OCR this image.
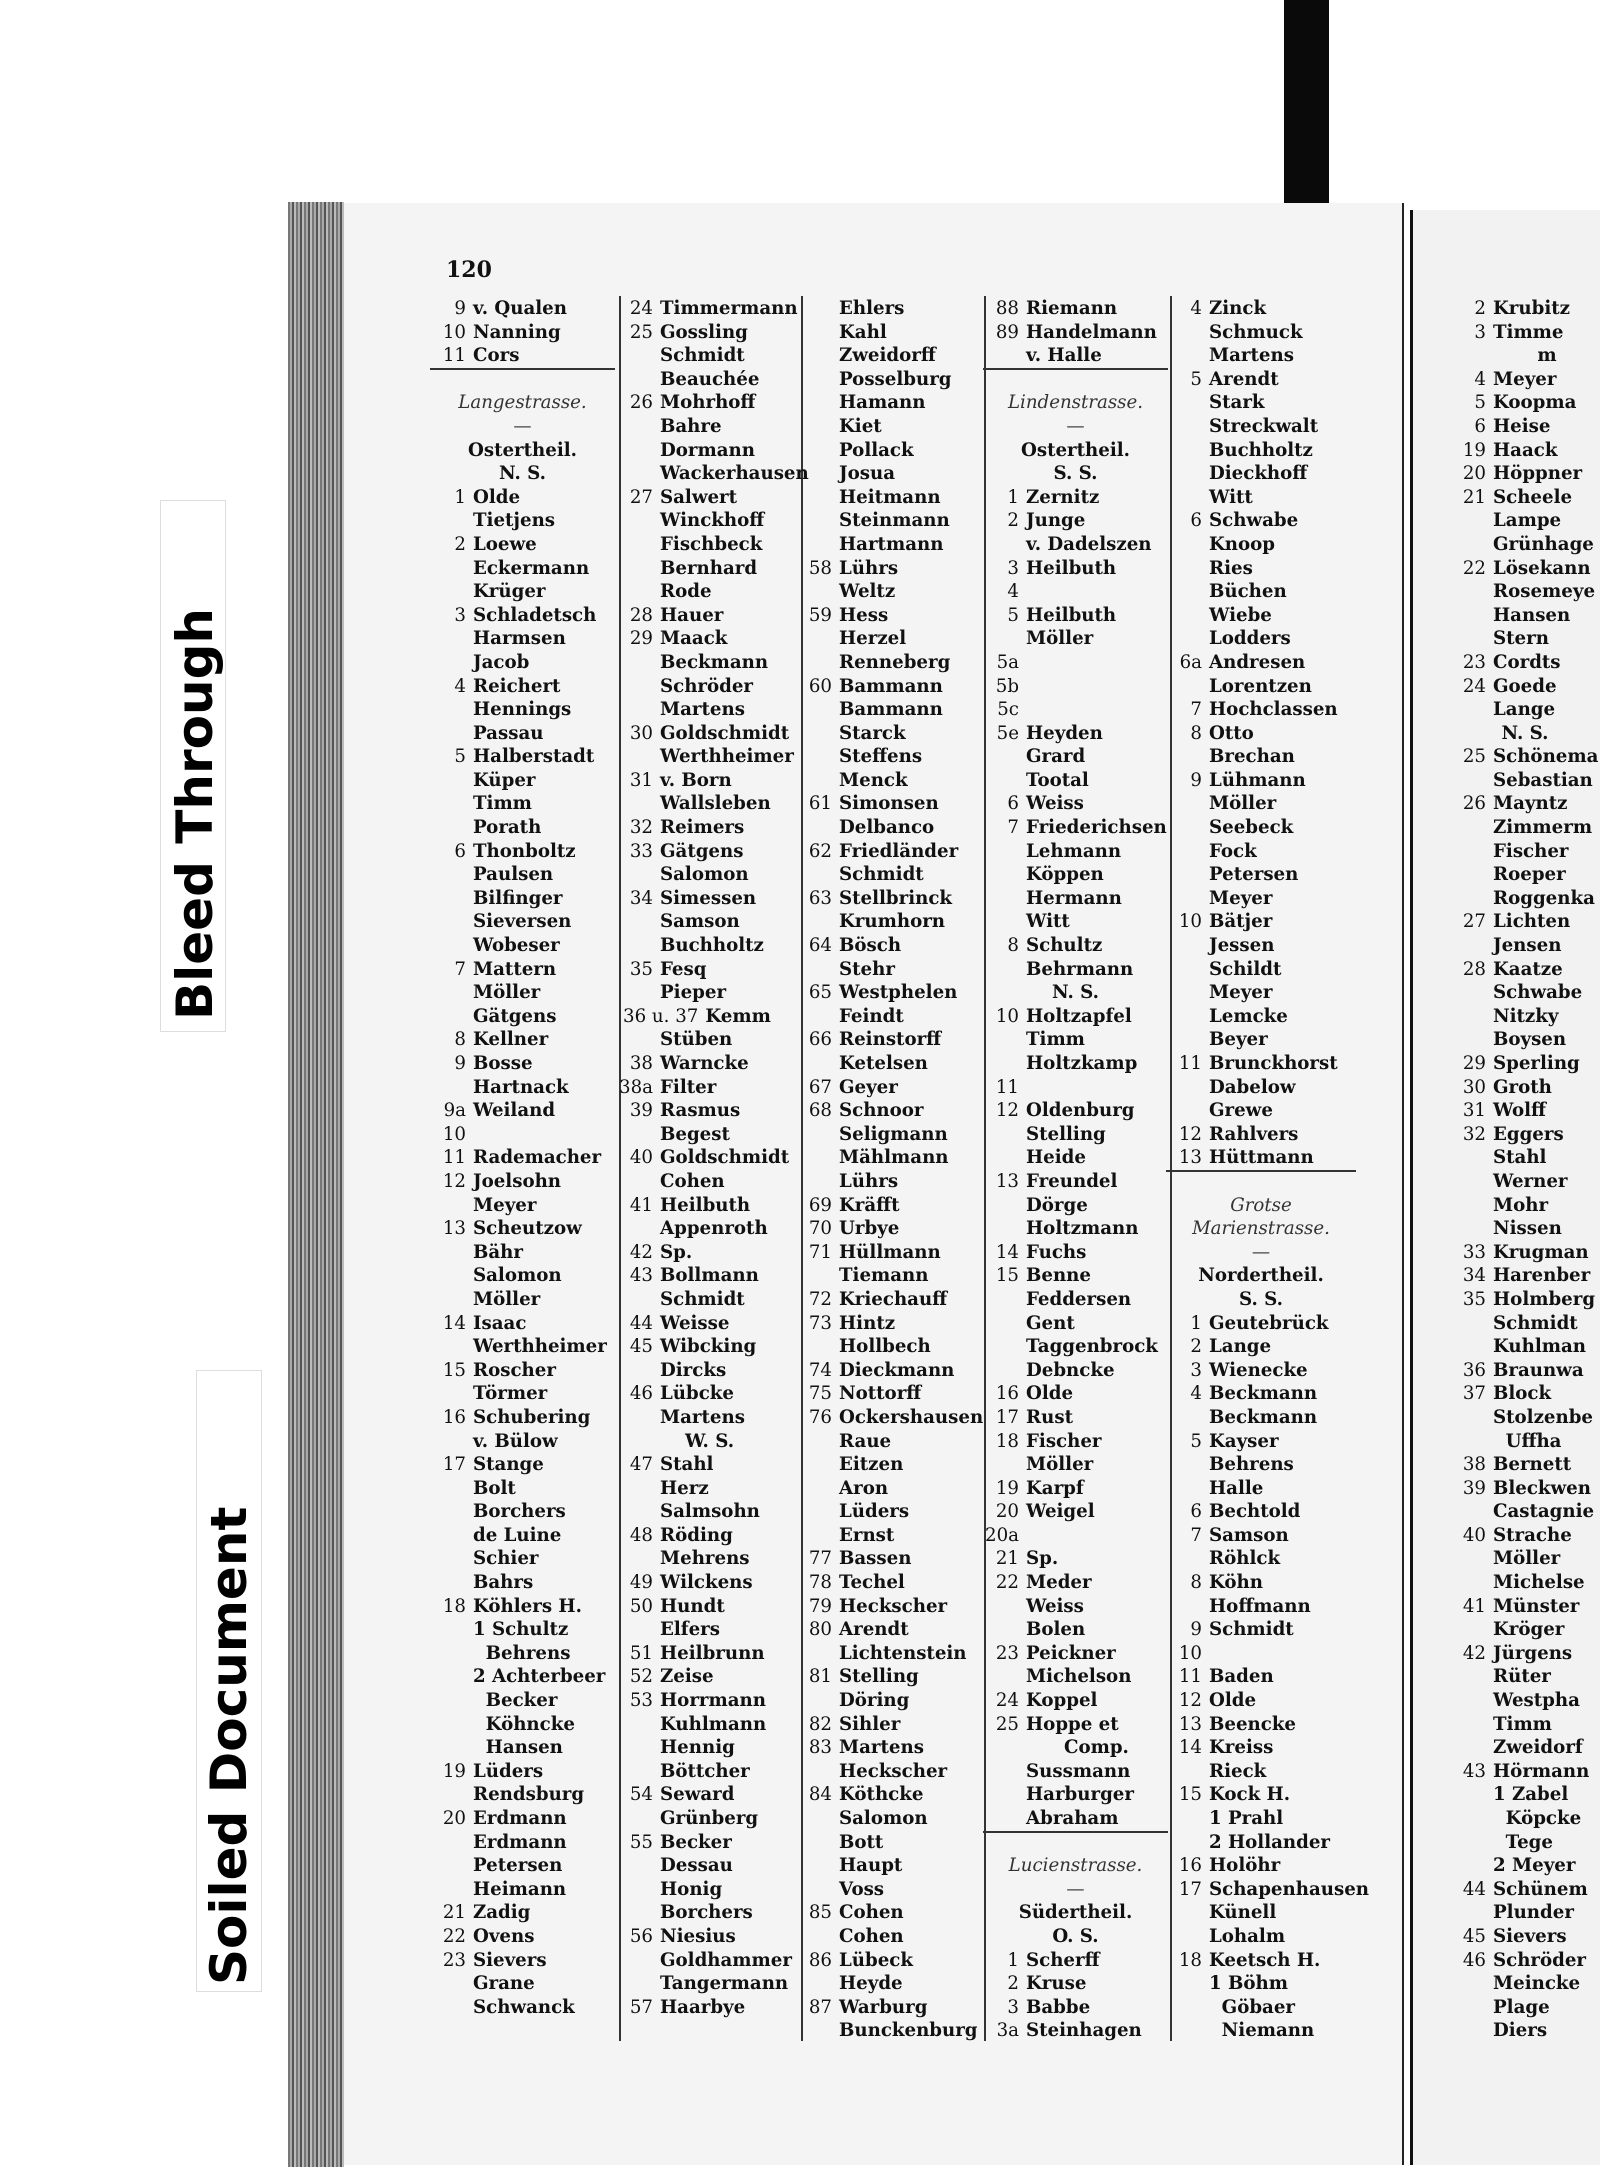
Bleed Through
Soiled Document
120
9 v. Qualen
10 Nanning
11 Cors
Langestrasse.
—
Ostertheil.
N. S.
1 Olde
Tietjens
2 Loewe
Eckermann
Krüger
3 Schladetsch
Harmsen
Jacob
4 Reichert
Hennings
Passau
5 Halberstadt
Küper
Timm
Porath
6 Thonboltz
Paulsen
Bilfinger
Sieversen
Wobeser
7 Mattern
Möller
Gätgens
8 Kellner
9 Bosse
Hartnack
9a Weiland
10
11 Rademacher
12 Joelsohn
Meyer
13 Scheutzow
Bähr
Salomon
Möller
14 Isaac
Werthheimer
15 Roscher
Törmer
16 Schubering
v. Bülow
17 Stange
Bolt
Borchers
de Luine
Schier
Bahrs
18 Köhlers H.
1 Schultz
Behrens
2 Achterbeer
Becker
Köhncke
Hansen
19 Lüders
Rendsburg
20 Erdmann
Erdmann
Petersen
Heimann
21 Zadig
22 Ovens
23 Sievers
Grane
Schwanck
24 Timmermann
25 Gossling
Schmidt
Beauchée
26 Mohrhoff
Bahre
Dormann
Wackerhausen
27 Salwert
Winckhoff
Fischbeck
Bernhard
Rode
28 Hauer
29 Maack
Beckmann
Schröder
Martens
30 Goldschmidt
Werthheimer
31 v. Born
Wallsleben
32 Reimers
33 Gätgens
Salomon
34 Simessen
Samson
Buchholtz
35 Fesq
Pieper
36 u. 37 Kemm
Stüben
38 Warncke
38a Filter
39 Rasmus
Begest
40 Goldschmidt
Cohen
41 Heilbuth
Appenroth
42 Sp.
43 Bollmann
Schmidt
44 Weisse
45 Wibcking
Dircks
46 Lübcke
Martens
W. S.
47 Stahl
Herz
Salmsohn
48 Röding
Mehrens
49 Wilckens
50 Hundt
Elfers
51 Heilbrunn
52 Zeise
53 Horrmann
Kuhlmann
Hennig
Böttcher
54 Seward
Grünberg
55 Becker
Dessau
Honig
Borchers
56 Niesius
Goldhammer
Tangermann
57 Haarbye
Ehlers
Kahl
Zweidorff
Posselburg
Hamann
Kiet
Pollack
Josua
Heitmann
Steinmann
Hartmann
58 Lührs
Weltz
59 Hess
Herzel
Renneberg
60 Bammann
Bammann
Starck
Steffens
Menck
61 Simonsen
Delbanco
62 Friedländer
Schmidt
63 Stellbrinck
Krumhorn
64 Bösch
Stehr
65 Westphelen
Feindt
66 Reinstorff
Ketelsen
67 Geyer
68 Schnoor
Seligmann
Mählmann
Lührs
69 Kräfft
70 Urbye
71 Hüllmann
Tiemann
72 Kriechauff
73 Hintz
Hollbech
74 Dieckmann
75 Nottorff
76 Ockershausen
Raue
Eitzen
Aron
Lüders
Ernst
77 Bassen
78 Techel
79 Heckscher
80 Arendt
Lichtenstein
81 Stelling
Döring
82 Sihler
83 Martens
Heckscher
84 Köthcke
Salomon
Bott
Haupt
Voss
85 Cohen
Cohen
86 Lübeck
Heyde
87 Warburg
Bunckenburg
88 Riemann
89 Handelmann
v. Halle
Lindenstrasse.
—
Ostertheil.
S. S.
1 Zernitz
2 Junge
v. Dadelszen
3 Heilbuth
4
5 Heilbuth
Möller
5a
5b
5c
5e Heyden
Grard
Tootal
6 Weiss
7 Friederichsen
Lehmann
Köppen
Hermann
Witt
8 Schultz
Behrmann
N. S.
10 Holtzapfel
Timm
Holtzkamp
11
12 Oldenburg
Stelling
Heide
13 Freundel
Dörge
Holtzmann
14 Fuchs
15 Benne
Feddersen
Gent
Taggenbrock
Debncke
16 Olde
17 Rust
18 Fischer
Möller
19 Karpf
20 Weigel
20a
21 Sp.
22 Meder
Weiss
Bolen
23 Peickner
Michelson
24 Koppel
25 Hoppe et
Comp.
Sussmann
Harburger
Abraham
Lucienstrasse.
—
Südertheil.
O. S.
1 Scherff
2 Kruse
3 Babbe
3a Steinhagen
4 Zinck
Schmuck
Martens
5 Arendt
Stark
Streckwalt
Buchholtz
Dieckhoff
Witt
6 Schwabe
Knoop
Ries
Büchen
Wiebe
Lodders
6a Andresen
Lorentzen
7 Hochclassen
8 Otto
Brechan
9 Lühmann
Möller
Seebeck
Fock
Petersen
Meyer
10 Bätjer
Jessen
Schildt
Meyer
Lemcke
Beyer
11 Brunckhorst
Dabelow
Grewe
12 Rahlvers
13 Hüttmann
Grotse
Marienstrasse.
—
Nordertheil.
S. S.
1 Geutebrück
2 Lange
3 Wienecke
4 Beckmann
Beckmann
5 Kayser
Behrens
Halle
6 Bechtold
7 Samson
Röhlck
8 Köhn
Hoffmann
9 Schmidt
10
11 Baden
12 Olde
13 Beencke
14 Kreiss
Rieck
15 Kock H.
1 Prahl
2 Hollander
16 Holöhr
17 Schapenhausen
Künell
Lohalm
18 Keetsch H.
1 Böhm
Göbaer
Niemann
2 Krubitz
3 Timme
m
4 Meyer
5 Koopma
6 Heise
19 Haack
20 Höppner
21 Scheele
Lampe
Grünhage
22 Lösekann
Rosemeye
Hansen
Stern
23 Cordts
24 Goede
Lange
N. S.
25 Schönema
Sebastian
26 Mayntz
Zimmerm
Fischer
Roeper
Roggenka
27 Lichten
Jensen
28 Kaatze
Schwabe
Nitzky
Boysen
29 Sperling
30 Groth
31 Wolff
32 Eggers
Stahl
Werner
Mohr
Nissen
33 Krugman
34 Harenber
35 Holmberg
Schmidt
Kuhlman
36 Braunwa
37 Block
Stolzenbe
Uffha
38 Bernett
39 Bleckwen
Castagnie
40 Strache
Möller
Michelse
41 Münster
Kröger
42 Jürgens
Rüter
Westpha
Timm
Zweidorf
43 Hörmann
1 Zabel
Köpcke
Tege
2 Meyer
44 Schünem
Plunder
45 Sievers
46 Schröder
Meincke
Plage
Diers
